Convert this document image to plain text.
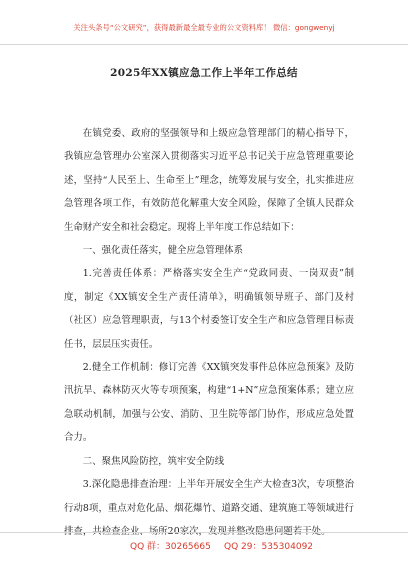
关注头条号“公文研究”，获得最新最全最专业的公文资料库！ 微信：gongwenyj
2025年XX镇应急工作上半年工作总结

在镇党委、政府的坚强领导和上级应急管理部门的精心指导下，我镇应急管理办公室深入贯彻落实习近平总书记关于应急管理重要论述，坚持“人民至上、生命至上”理念，统筹发展与安全，扎实推进应急管理各项工作，有效防范化解重大安全风险，保障了全镇人民群众生命财产安全和社会稳定。现将上半年度工作总结如下：

一、强化责任落实，健全应急管理体系

1.完善责任体系：严格落实安全生产“党政同责、一岗双责”制度，制定《XX镇安全生产责任清单》，明确镇领导班子、部门及村（社区）应急管理职责，与13个村委签订安全生产和应急管理目标责任书，层层压实责任。

2.健全工作机制：修订完善《XX镇突发事件总体应急预案》及防汛抗旱、森林防灭火等专项预案，构建“1+N”应急预案体系；建立应急联动机制，加强与公安、消防、卫生院等部门协作，形成应急处置合力。

二、聚焦风险防控，筑牢安全防线

3.深化隐患排查治理：上半年开展安全生产大检查3次，专项整治行动8项，重点对危化品、烟花爆竹、道路交通、建筑施工等领域进行排查，共检查企业、场所20家次，发现并整改隐患问题若干处。

QQ 群：30265665 QQ 29：535304092
